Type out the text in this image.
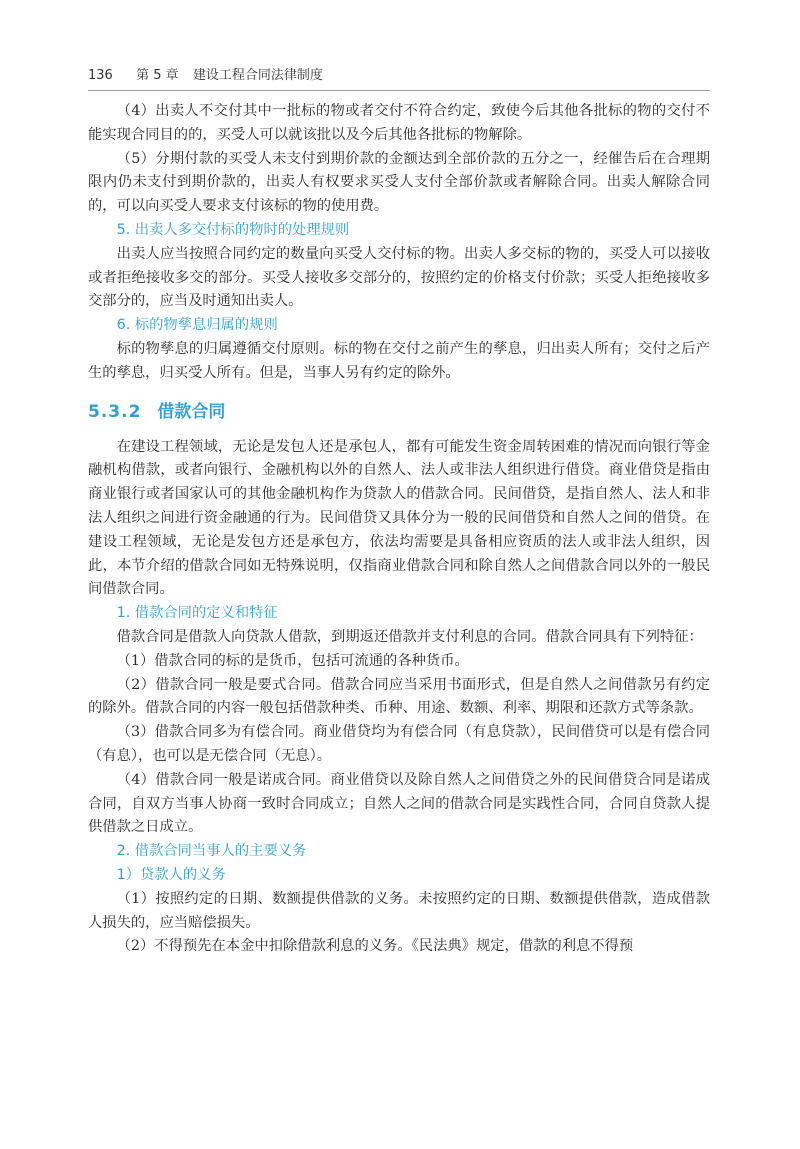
136 第 5 章 建设工程合同法律制度

（4）出卖人不交付其中一批标的物或者交付不符合约定，致使今后其他各批标的物的交付不能实现合同目的的，买受人可以就该批以及今后其他各批标的物解除。

（5）分期付款的买受人未支付到期价款的金额达到全部价款的五分之一，经催告后在合理期限内仍未支付到期价款的，出卖人有权要求买受人支付全部价款或者解除合同。出卖人解除合同的，可以向买受人要求支付该标的物的使用费。

5. 出卖人多交付标的物时的处理规则

出卖人应当按照合同约定的数量向买受人交付标的物。出卖人多交标的物的，买受人可以接收或者拒绝接收多交的部分。买受人接收多交部分的，按照约定的价格支付价款；买受人拒绝接收多交部分的，应当及时通知出卖人。

6. 标的物孳息归属的规则

标的物孳息的归属遵循交付原则。标的物在交付之前产生的孳息，归出卖人所有；交付之后产生的孳息，归买受人所有。但是，当事人另有约定的除外。

5.3.2 借款合同

在建设工程领域，无论是发包人还是承包人，都有可能发生资金周转困难的情况而向银行等金融机构借款，或者向银行、金融机构以外的自然人、法人或非法人组织进行借贷。商业借贷是指由商业银行或者国家认可的其他金融机构作为贷款人的借款合同。民间借贷，是指自然人、法人和非法人组织之间进行资金融通的行为。民间借贷又具体分为一般的民间借贷和自然人之间的借贷。在建设工程领域，无论是发包方还是承包方，依法均需要是具备相应资质的法人或非法人组织，因此，本节介绍的借款合同如无特殊说明，仅指商业借款合同和除自然人之间借款合同以外的一般民间借款合同。

1. 借款合同的定义和特征

借款合同是借款人向贷款人借款，到期返还借款并支付利息的合同。借款合同具有下列特征：

（1）借款合同的标的是货币，包括可流通的各种货币。

（2）借款合同一般是要式合同。借款合同应当采用书面形式，但是自然人之间借款另有约定的除外。借款合同的内容一般包括借款种类、币种、用途、数额、利率、期限和还款方式等条款。

（3）借款合同多为有偿合同。商业借贷均为有偿合同（有息贷款），民间借贷可以是有偿合同（有息），也可以是无偿合同（无息）。

（4）借款合同一般是诺成合同。商业借贷以及除自然人之间借贷之外的民间借贷合同是诺成合同，自双方当事人协商一致时合同成立；自然人之间的借款合同是实践性合同，合同自贷款人提供借款之日成立。

2. 借款合同当事人的主要义务

1）贷款人的义务

（1）按照约定的日期、数额提供借款的义务。未按照约定的日期、数额提供借款，造成借款人损失的，应当赔偿损失。

（2）不得预先在本金中扣除借款利息的义务。《民法典》规定，借款的利息不得预
